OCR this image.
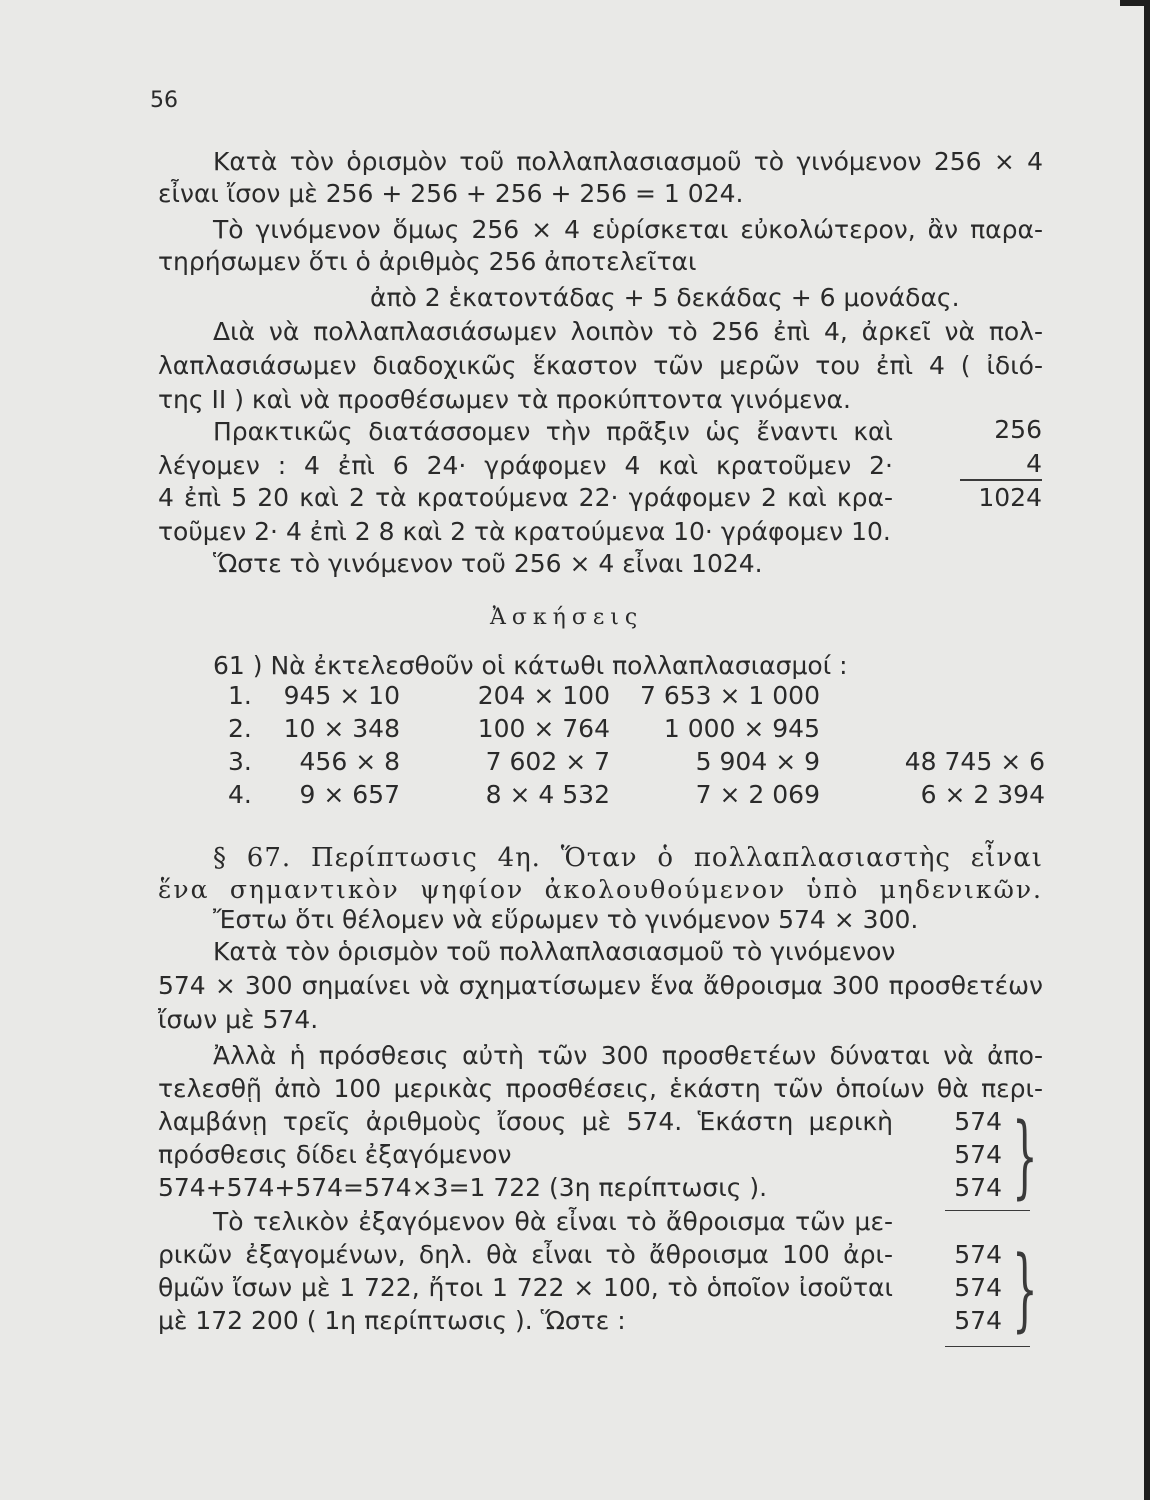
56
Κατὰ τὸν ὁρισμὸν τοῦ πολλαπλασιασμοῦ τὸ γινόμενον 256 × 4
εἶναι ἴσον μὲ 256 + 256 + 256 + 256 = 1 024.
Τὸ γινόμενον ὅμως 256 × 4 εὑρίσκεται εὐκολώτερον, ἂν παρα-
τηρήσωμεν ὅτι ὁ ἀριθμὸς 256 ἀποτελεῖται
ἀπὸ 2 ἑκατοντάδας + 5 δεκάδας + 6 μονάδας.
Διὰ νὰ πολλαπλασιάσωμεν λοιπὸν τὸ 256 ἐπὶ 4, ἀρκεῖ νὰ πολ-
λαπλασιάσωμεν διαδοχικῶς ἕκαστον τῶν μερῶν του ἐπὶ 4 ( ἰδιό-
της II ) καὶ νὰ προσθέσωμεν τὰ προκύπτοντα γινόμενα.
Πρακτικῶς διατάσσομεν τὴν πρᾶξιν ὡς ἔναντι καὶ
λέγομεν : 4 ἐπὶ 6 24· γράφομεν 4 καὶ κρατοῦμεν 2·
4 ἐπὶ 5 20 καὶ 2 τὰ κρατούμενα 22· γράφομεν 2 καὶ κρα-
τοῦμεν 2· 4 ἐπὶ 2 8 καὶ 2 τὰ κρατούμενα 10· γράφομεν 10.
Ὥστε τὸ γινόμενον τοῦ 256 × 4 εἶναι 1024.
256
4
1024
Ἀσκήσεις
61 ) Νὰ ἐκτελεσθοῦν οἱ κάτωθι πολλαπλασιασμοί :
1.	945 × 10	204 × 100	7 653 × 1 000
2.	10 × 348	100 × 764	1 000 × 945
3.	456 × 8	7 602 × 7	5 904 × 9	48 745 × 6
4.	9 × 657	8 × 4 532	7 × 2 069	6 × 2 394
§ 67. Περίπτωσις 4η. Ὅταν ὁ πολλαπλασιαστὴς εἶναι
ἕνα σημαντικὸν ψηφίον ἀκολουθούμενον ὑπὸ μηδενικῶν.
Ἔστω ὅτι θέλομεν νὰ εὕρωμεν τὸ γινόμενον 574 × 300.
Κατὰ τὸν ὁρισμὸν τοῦ πολλαπλασιασμοῦ τὸ γινόμενον
574 × 300 σημαίνει νὰ σχηματίσωμεν ἕνα ἄθροισμα 300 προσθετέων
ἴσων μὲ 574.
Ἀλλὰ ἡ πρόσθεσις αὐτὴ τῶν 300 προσθετέων δύναται νὰ ἀπο-
τελεσθῇ ἀπὸ 100 μερικὰς προσθέσεις, ἑκάστη τῶν ὁποίων θὰ περι-
λαμβάνῃ τρεῖς ἀριθμοὺς ἴσους μὲ 574. Ἑκάστη μερικὴ
πρόσθεσις δίδει ἐξαγόμενον
574+574+574=574×3=1 722 (3η περίπτωσις ).
Τὸ τελικὸν ἐξαγόμενον θὰ εἶναι τὸ ἄθροισμα τῶν με-
ρικῶν ἐξαγομένων, δηλ. θὰ εἶναι τὸ ἄθροισμα 100 ἀρι-
θμῶν ἴσων μὲ 1 722, ἤτοι 1 722 × 100, τὸ ὁποῖον ἰσοῦται
μὲ 172 200 ( 1η περίπτωσις ). Ὥστε :
574
574
574 }
574
574
574 }
